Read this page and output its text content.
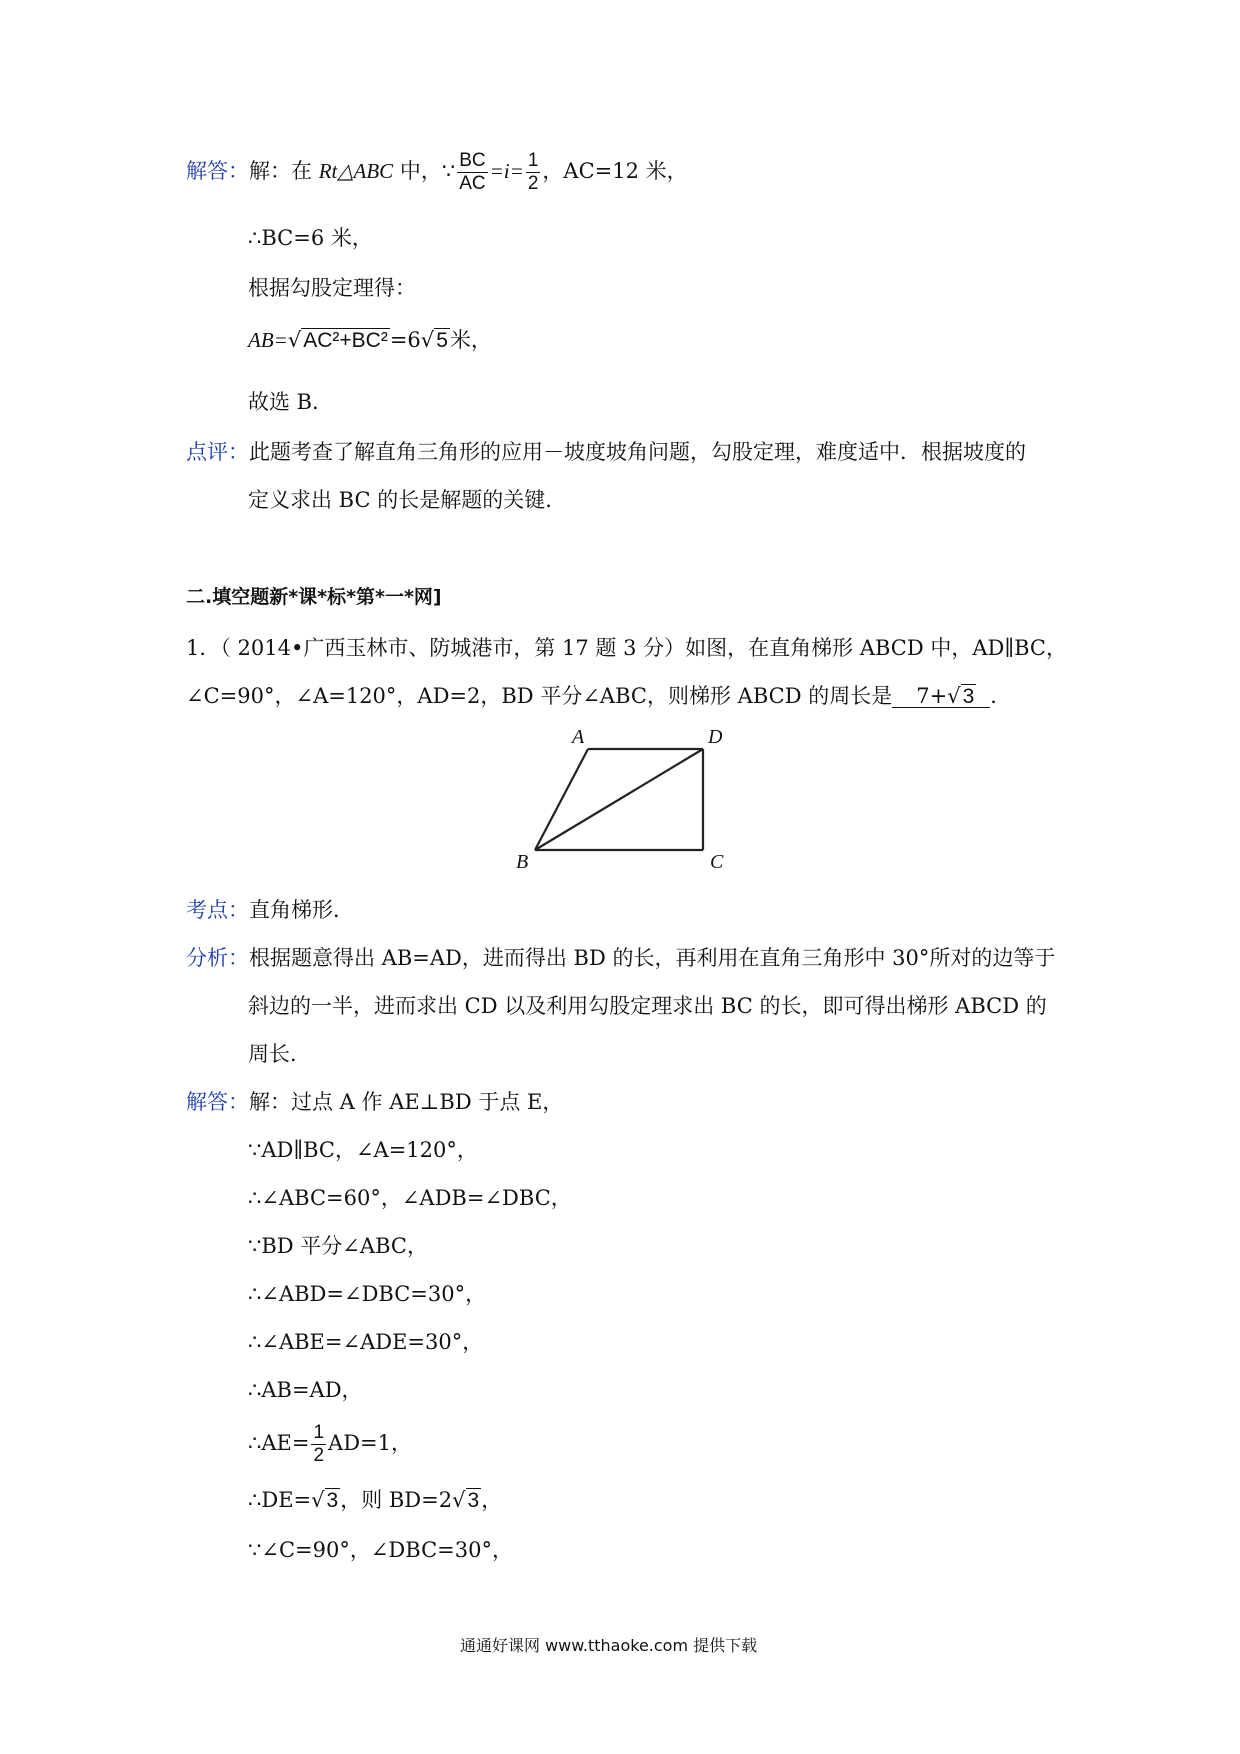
解答：解：在 Rt△ABC 中，∵ $\frac{BC}{AC} =i= \frac{1}{2}$ ，AC=12 米，
∴BC=6 米，
根据勾股定理得：
AB=√AC²+BC²=6√5米，
故选 B．
点评：此题考查了解直角三角形的应用－坡度坡角问题，勾股定理，难度适中．根据坡度的
定义求出 BC 的长是解题的关键．
二.填空题新*课*标*第*一*网]
1．（ 2014•广西玉林市、防城港市，第 17 题 3 分）如图，在直角梯形 ABCD 中，AD∥BC，
∠C=90°，∠A=120°，AD=2，BD 平分∠ABC，则梯形 ABCD 的周长是 7+√3 ．
A	D
B	C
考点：直角梯形．
分析：根据题意得出 AB=AD，进而得出 BD 的长，再利用在直角三角形中 30°所对的边等于
斜边的一半，进而求出 CD 以及利用勾股定理求出 BC 的长，即可得出梯形 ABCD 的
周长．
解答：解：过点 A 作 AE⊥BD 于点 E，
∵AD∥BC，∠A=120°，
∴∠ABC=60°，∠ADB=∠DBC，
∵BD 平分∠ABC，
∴∠ABD=∠DBC=30°，
∴∠ABE=∠ADE=30°，
∴AB=AD，
∴AE= $\frac{1}{2} AD=1$，
∴DE=√3，则 BD=2√3，
∵∠C=90°，∠DBC=30°，
通通好课网 www.tthaoke.com 提供下载
